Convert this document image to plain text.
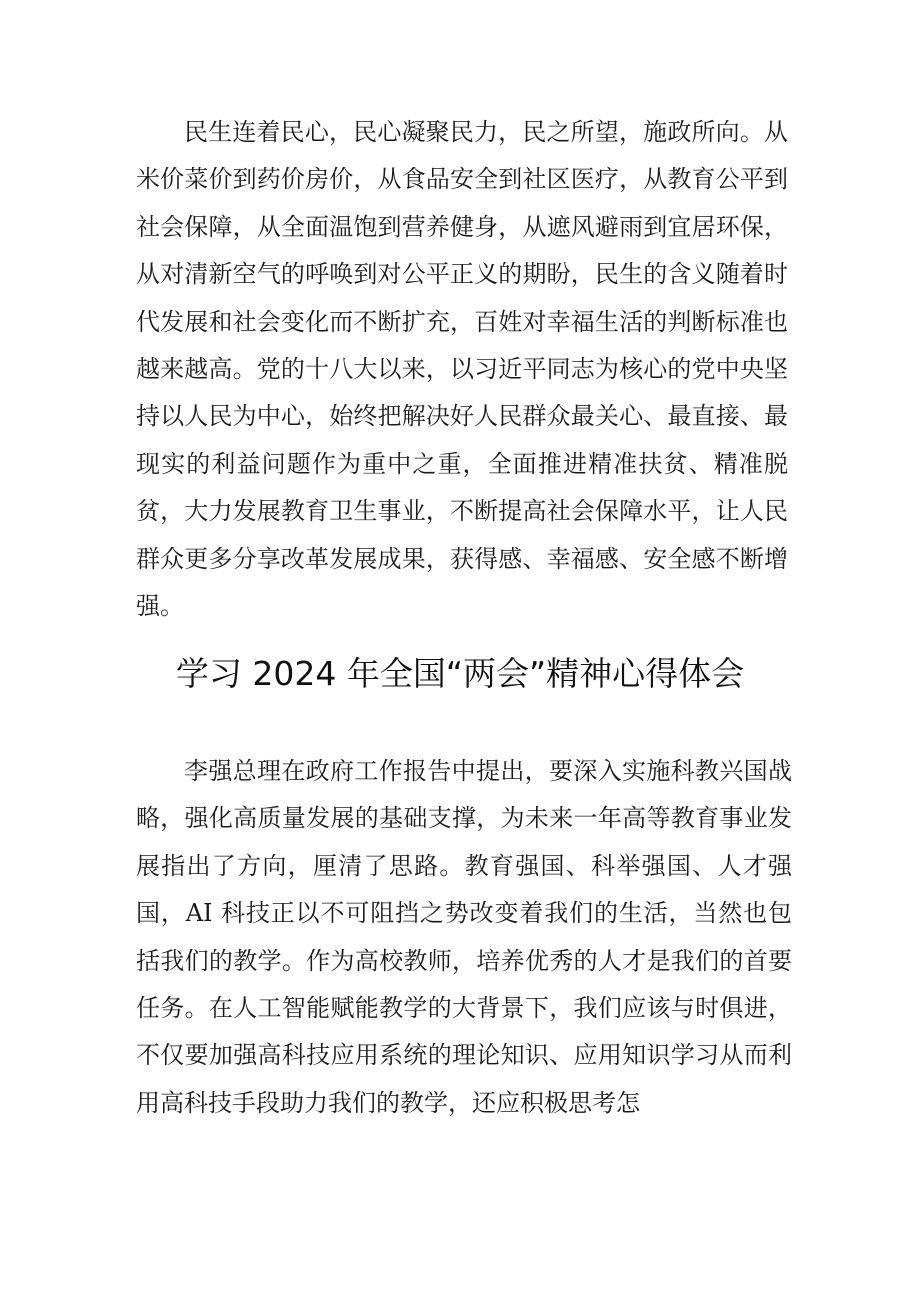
民生连着民心，民心凝聚民力，民之所望，施政所向。从米价菜价到药价房价，从食品安全到社区医疗，从教育公平到社会保障，从全面温饱到营养健身，从遮风避雨到宜居环保，从对清新空气的呼唤到对公平正义的期盼，民生的含义随着时代发展和社会变化而不断扩充，百姓对幸福生活的判断标准也越来越高。党的十八大以来，以习近平同志为核心的党中央坚持以人民为中心，始终把解决好人民群众最关心、最直接、最现实的利益问题作为重中之重，全面推进精准扶贫、精准脱贫，大力发展教育卫生事业，不断提高社会保障水平，让人民群众更多分享改革发展成果，获得感、幸福感、安全感不断增强。

学习 2024 年全国“两会”精神心得体会

李强总理在政府工作报告中提出，要深入实施科教兴国战略，强化高质量发展的基础支撑，为未来一年高等教育事业发展指出了方向，厘清了思路。教育强国、科举强国、人才强国，AI 科技正以不可阻挡之势改变着我们的生活，当然也包括我们的教学。作为高校教师，培养优秀的人才是我们的首要任务。在人工智能赋能教学的大背景下，我们应该与时俱进，不仅要加强高科技应用系统的理论知识、应用知识学习从而利用高科技手段助力我们的教学，还应积极思考怎
